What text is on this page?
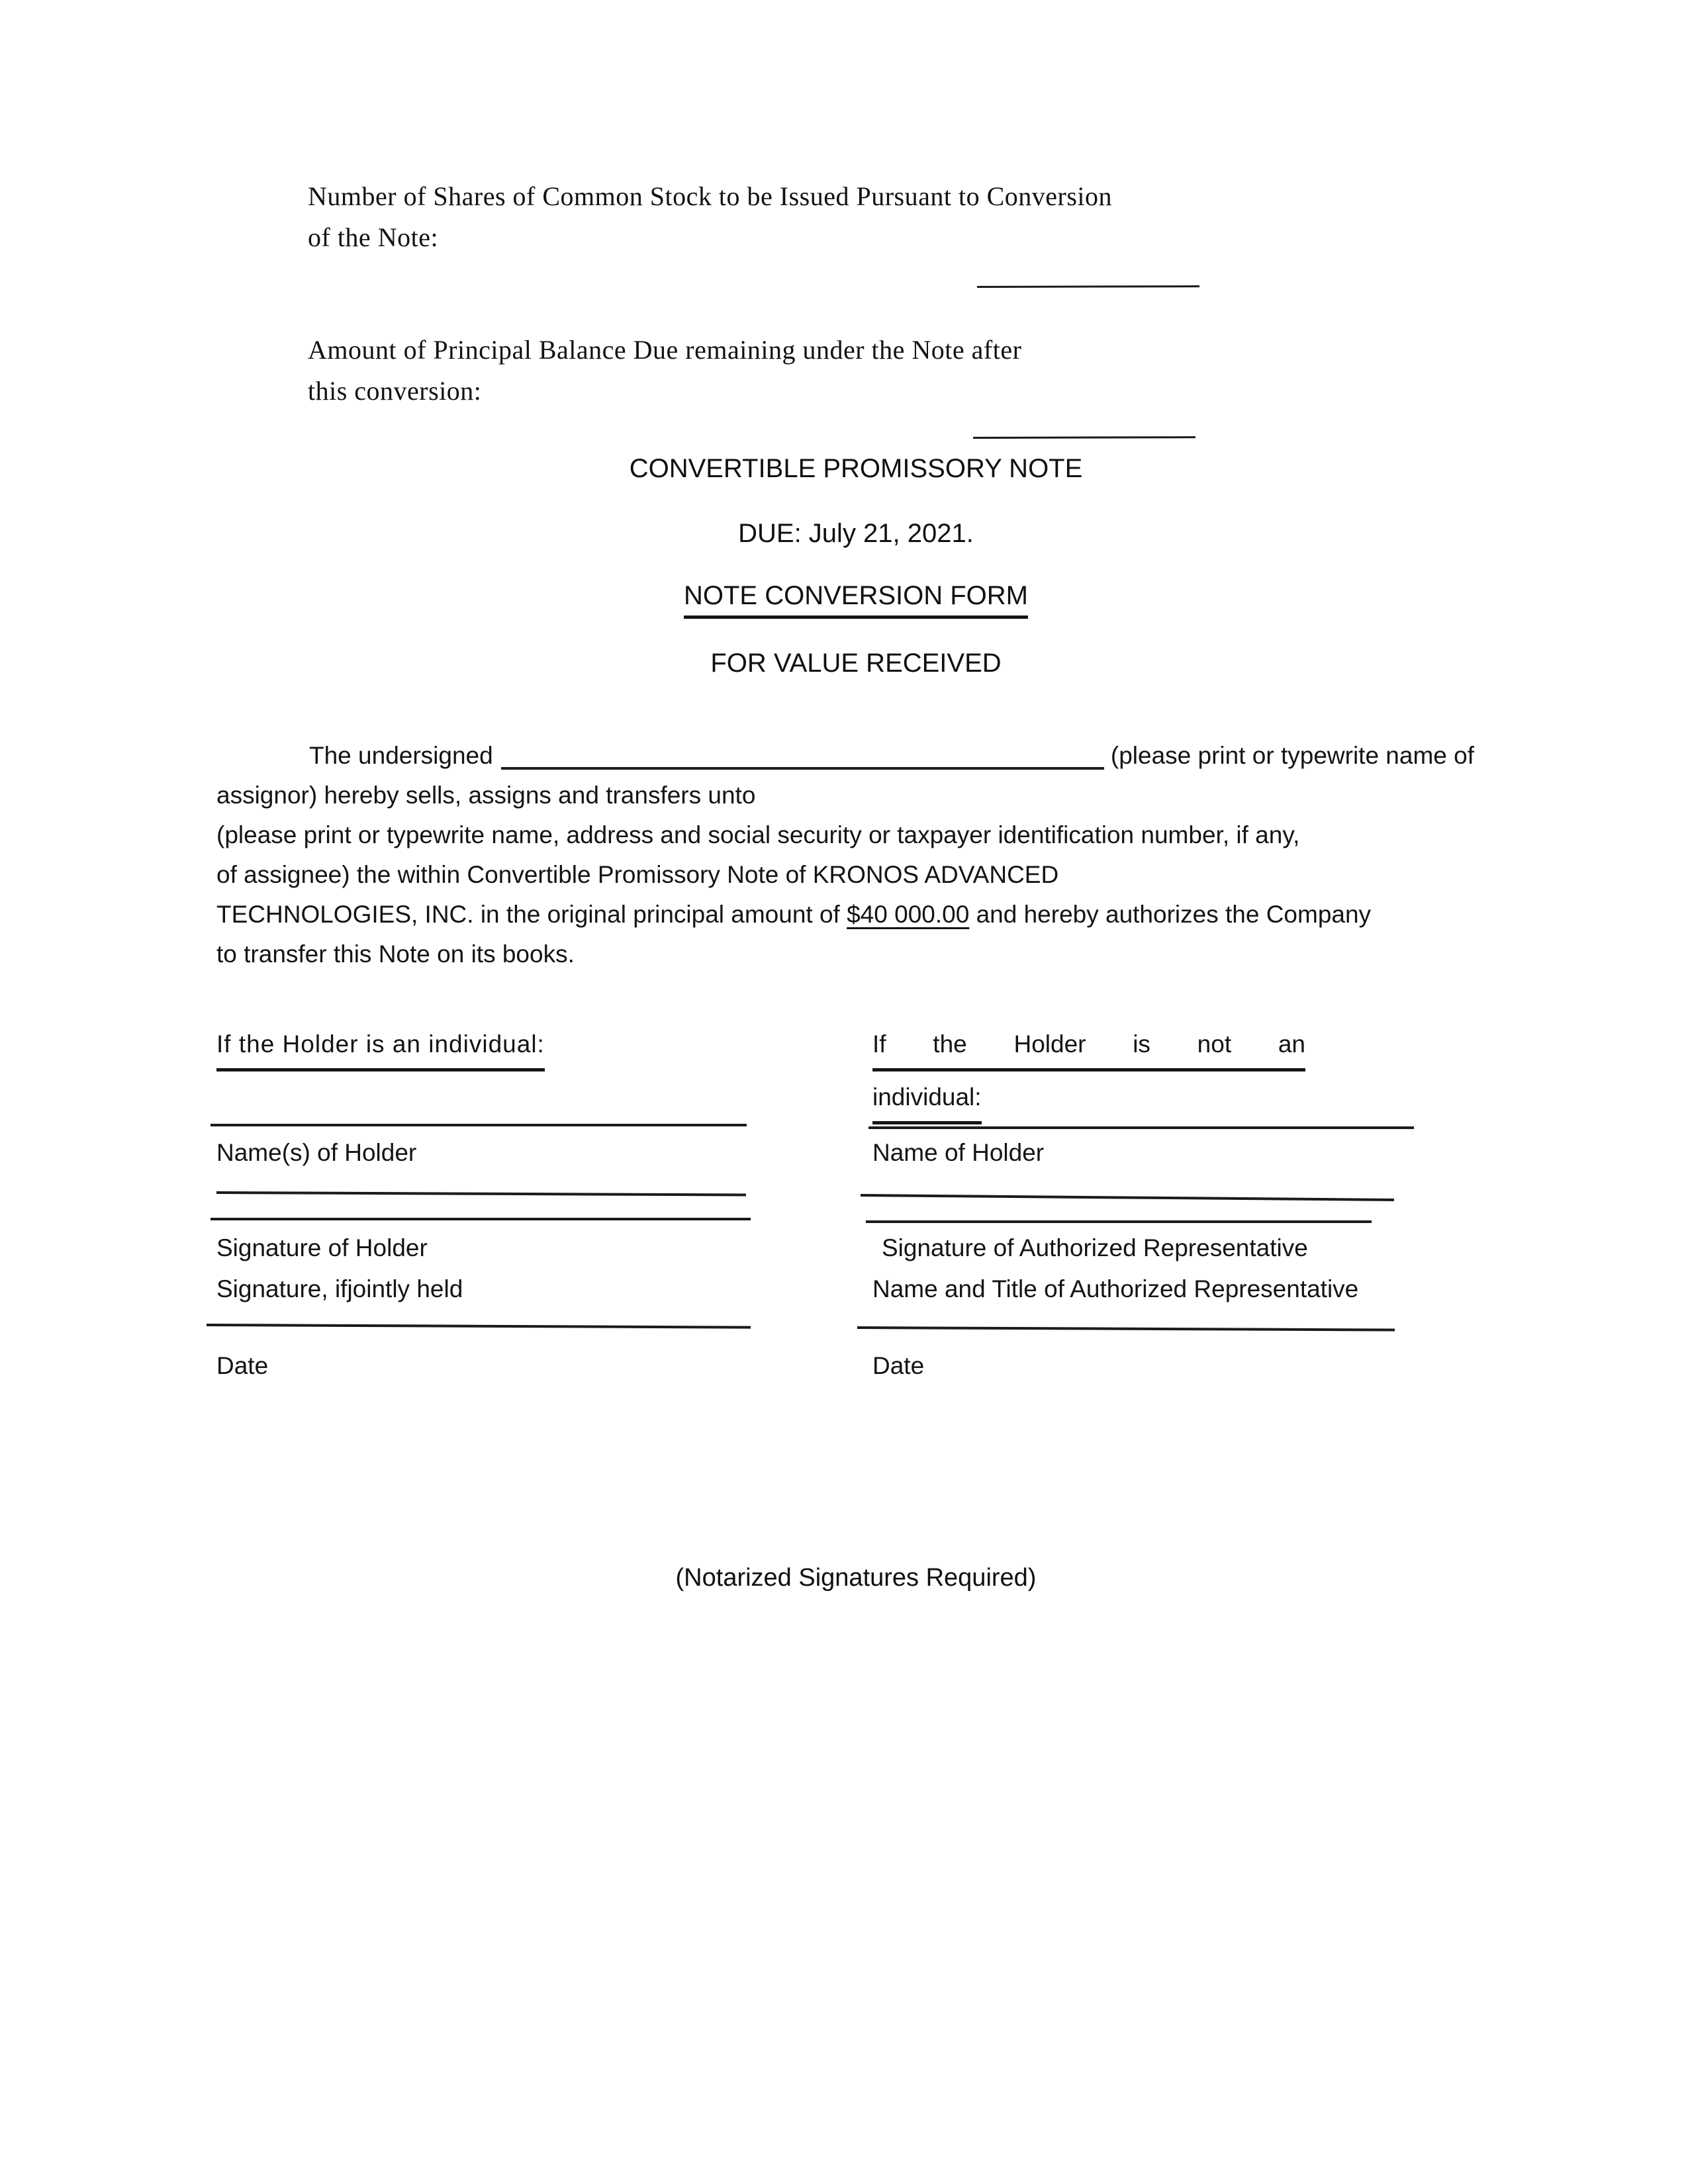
Number of Shares of Common Stock to be Issued Pursuant to Conversion
of the Note:
Amount of Principal Balance Due remaining under the Note after
this conversion:
CONVERTIBLE PROMISSORY NOTE
DUE: July 21, 2021.
NOTE CONVERSION FORM
FOR VALUE RECEIVED
The undersigned	(please print or typewrite name of
assignor) hereby sells, assigns and transfers unto
(please print or typewrite name, address and social security or taxpayer identification number, if any,
of assignee) the within Convertible Promissory Note of KRONOS ADVANCED
TECHNOLOGIES, INC. in the original principal amount of $40 000.00 and hereby authorizes the Company
to transfer this Note on its books.
If the Holder is an individual:
Name(s) of Holder
Signature of Holder
Signature, ifjointly held
Date
If the Holder is not an
individual:
Name of Holder
Signature of Authorized Representative
Name and Title of Authorized Representative
Date
(Notarized Signatures Required)
